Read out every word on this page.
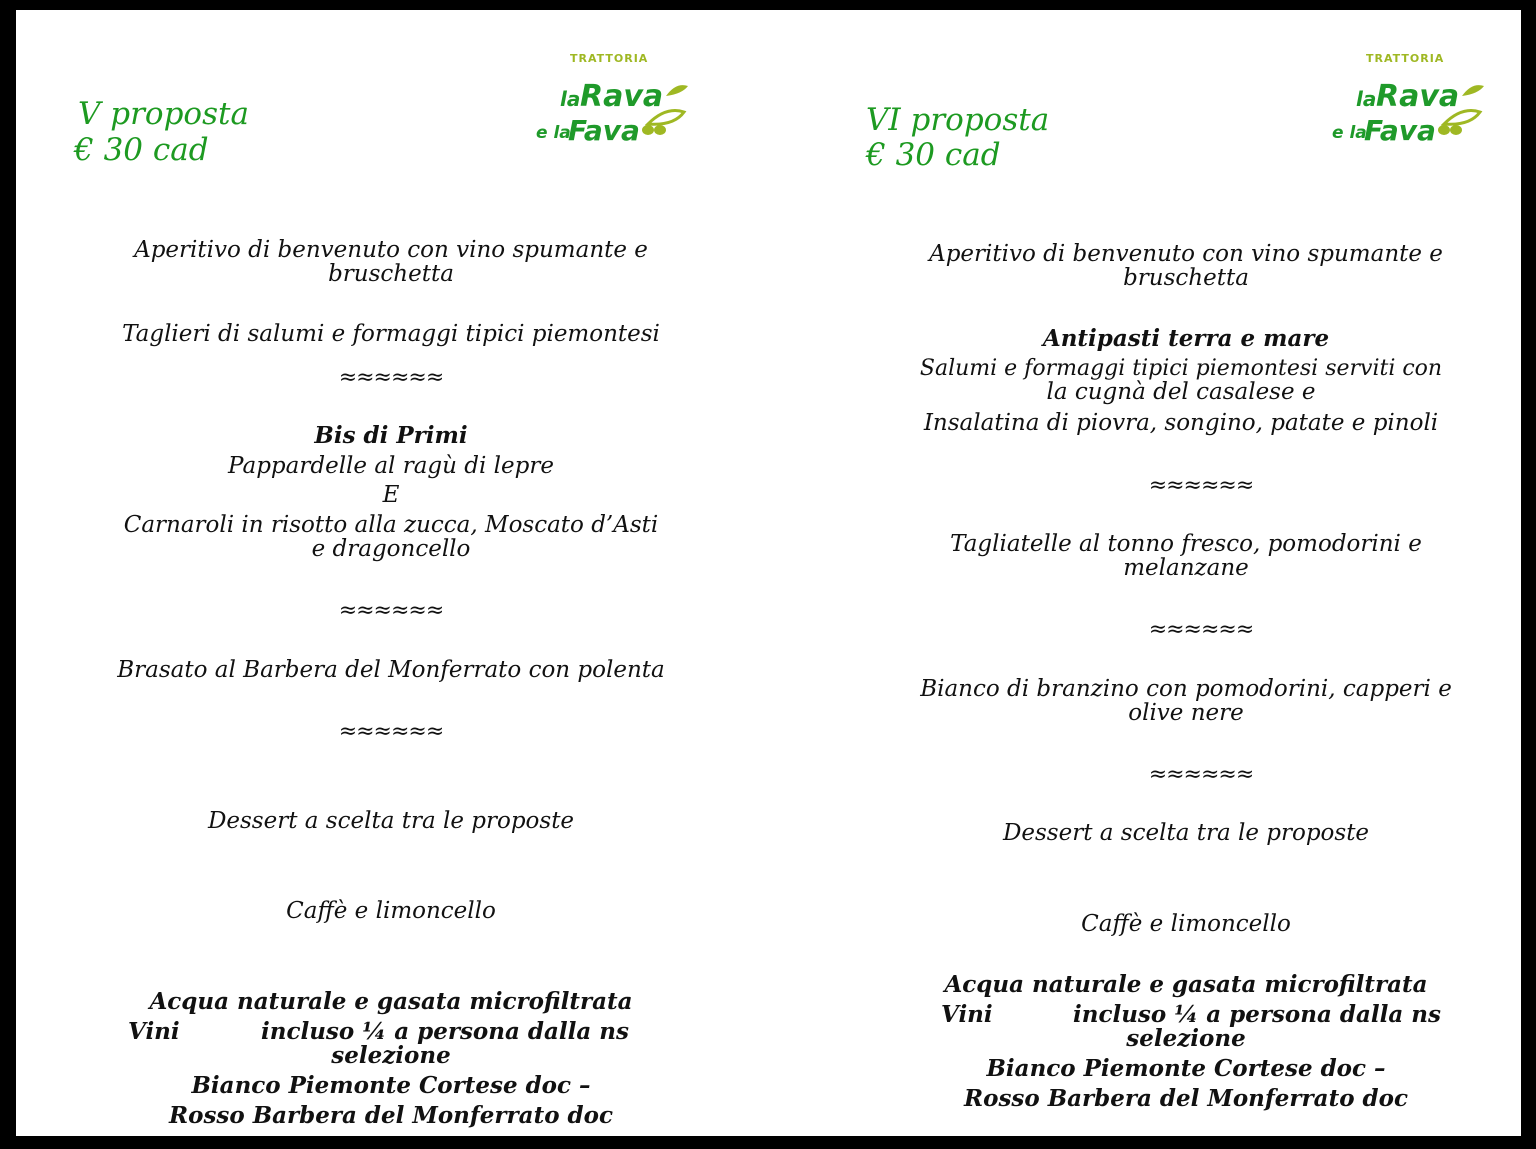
V proposta
€ 30 cad
TRATTORIA
la Rava
e la
Fava
Aperitivo di benvenuto con vino spumante e
bruschetta
Taglieri di salumi e formaggi tipici piemontesi
≈≈≈≈≈≈
Bis di Primi
Pappardelle al ragù di lepre
E
Carnaroli in risotto alla zucca, Moscato d’Asti
e dragoncello
≈≈≈≈≈≈
Brasato al Barbera del Monferrato con polenta
≈≈≈≈≈≈
Dessert a scelta tra le proposte
Caffè e limoncello
Acqua naturale e gasata microfiltrata
Vini	incluso ¼ a persona dalla ns
selezione
Bianco Piemonte Cortese doc –
Rosso Barbera del Monferrato doc
VI proposta
€ 30 cad
TRATTORIA
la Rava
e la
Fava
Aperitivo di benvenuto con vino spumante e
bruschetta
Antipasti terra e mare
Salumi e formaggi tipici piemontesi serviti con
la cugnà del casalese e
Insalatina di piovra, songino, patate e pinoli
≈≈≈≈≈≈
Tagliatelle al tonno fresco, pomodorini e
melanzane
≈≈≈≈≈≈
Bianco di branzino con pomodorini, capperi e
olive nere
≈≈≈≈≈≈
Dessert a scelta tra le proposte
Caffè e limoncello
Acqua naturale e gasata microfiltrata
Vini	incluso ¼ a persona dalla ns
selezione
Bianco Piemonte Cortese doc –
Rosso Barbera del Monferrato doc
